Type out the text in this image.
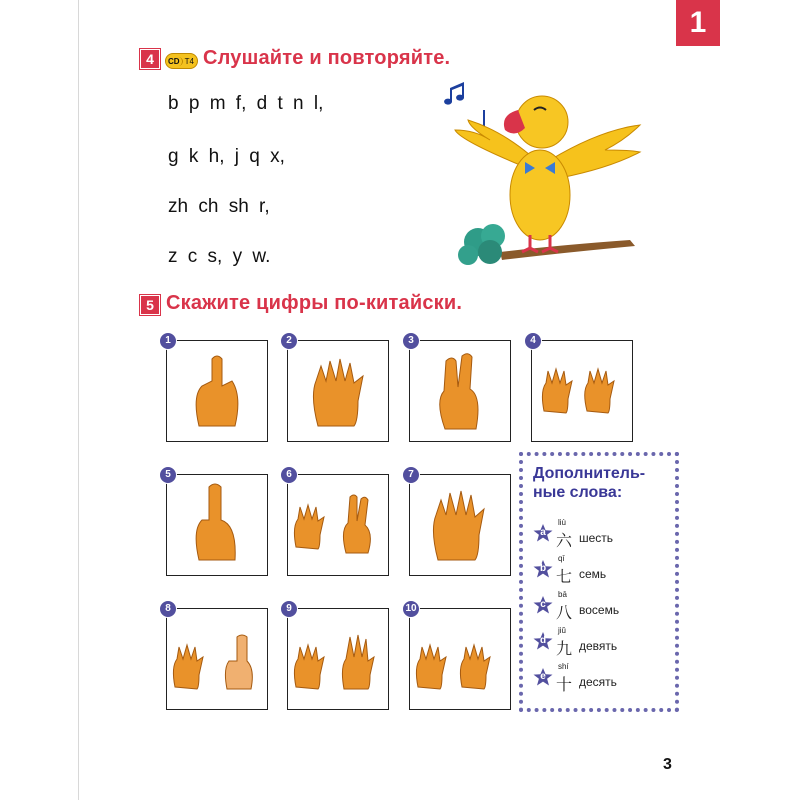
1
4	CD T4 Слушайте и повторяйте.
b p m f, d t n l,
g k h, j q x,
zh ch sh r,
z c s, y w.
5 Скажите цифры по-китайски.
1	2	3	4
5	6	7
8	9	10
Дополнитель-
ные слова:
a
liù
六 шесть
b
qī
七 семь
c
bā
八 восемь
d
jiǔ
九 девять
e
shí
十 десять
3
